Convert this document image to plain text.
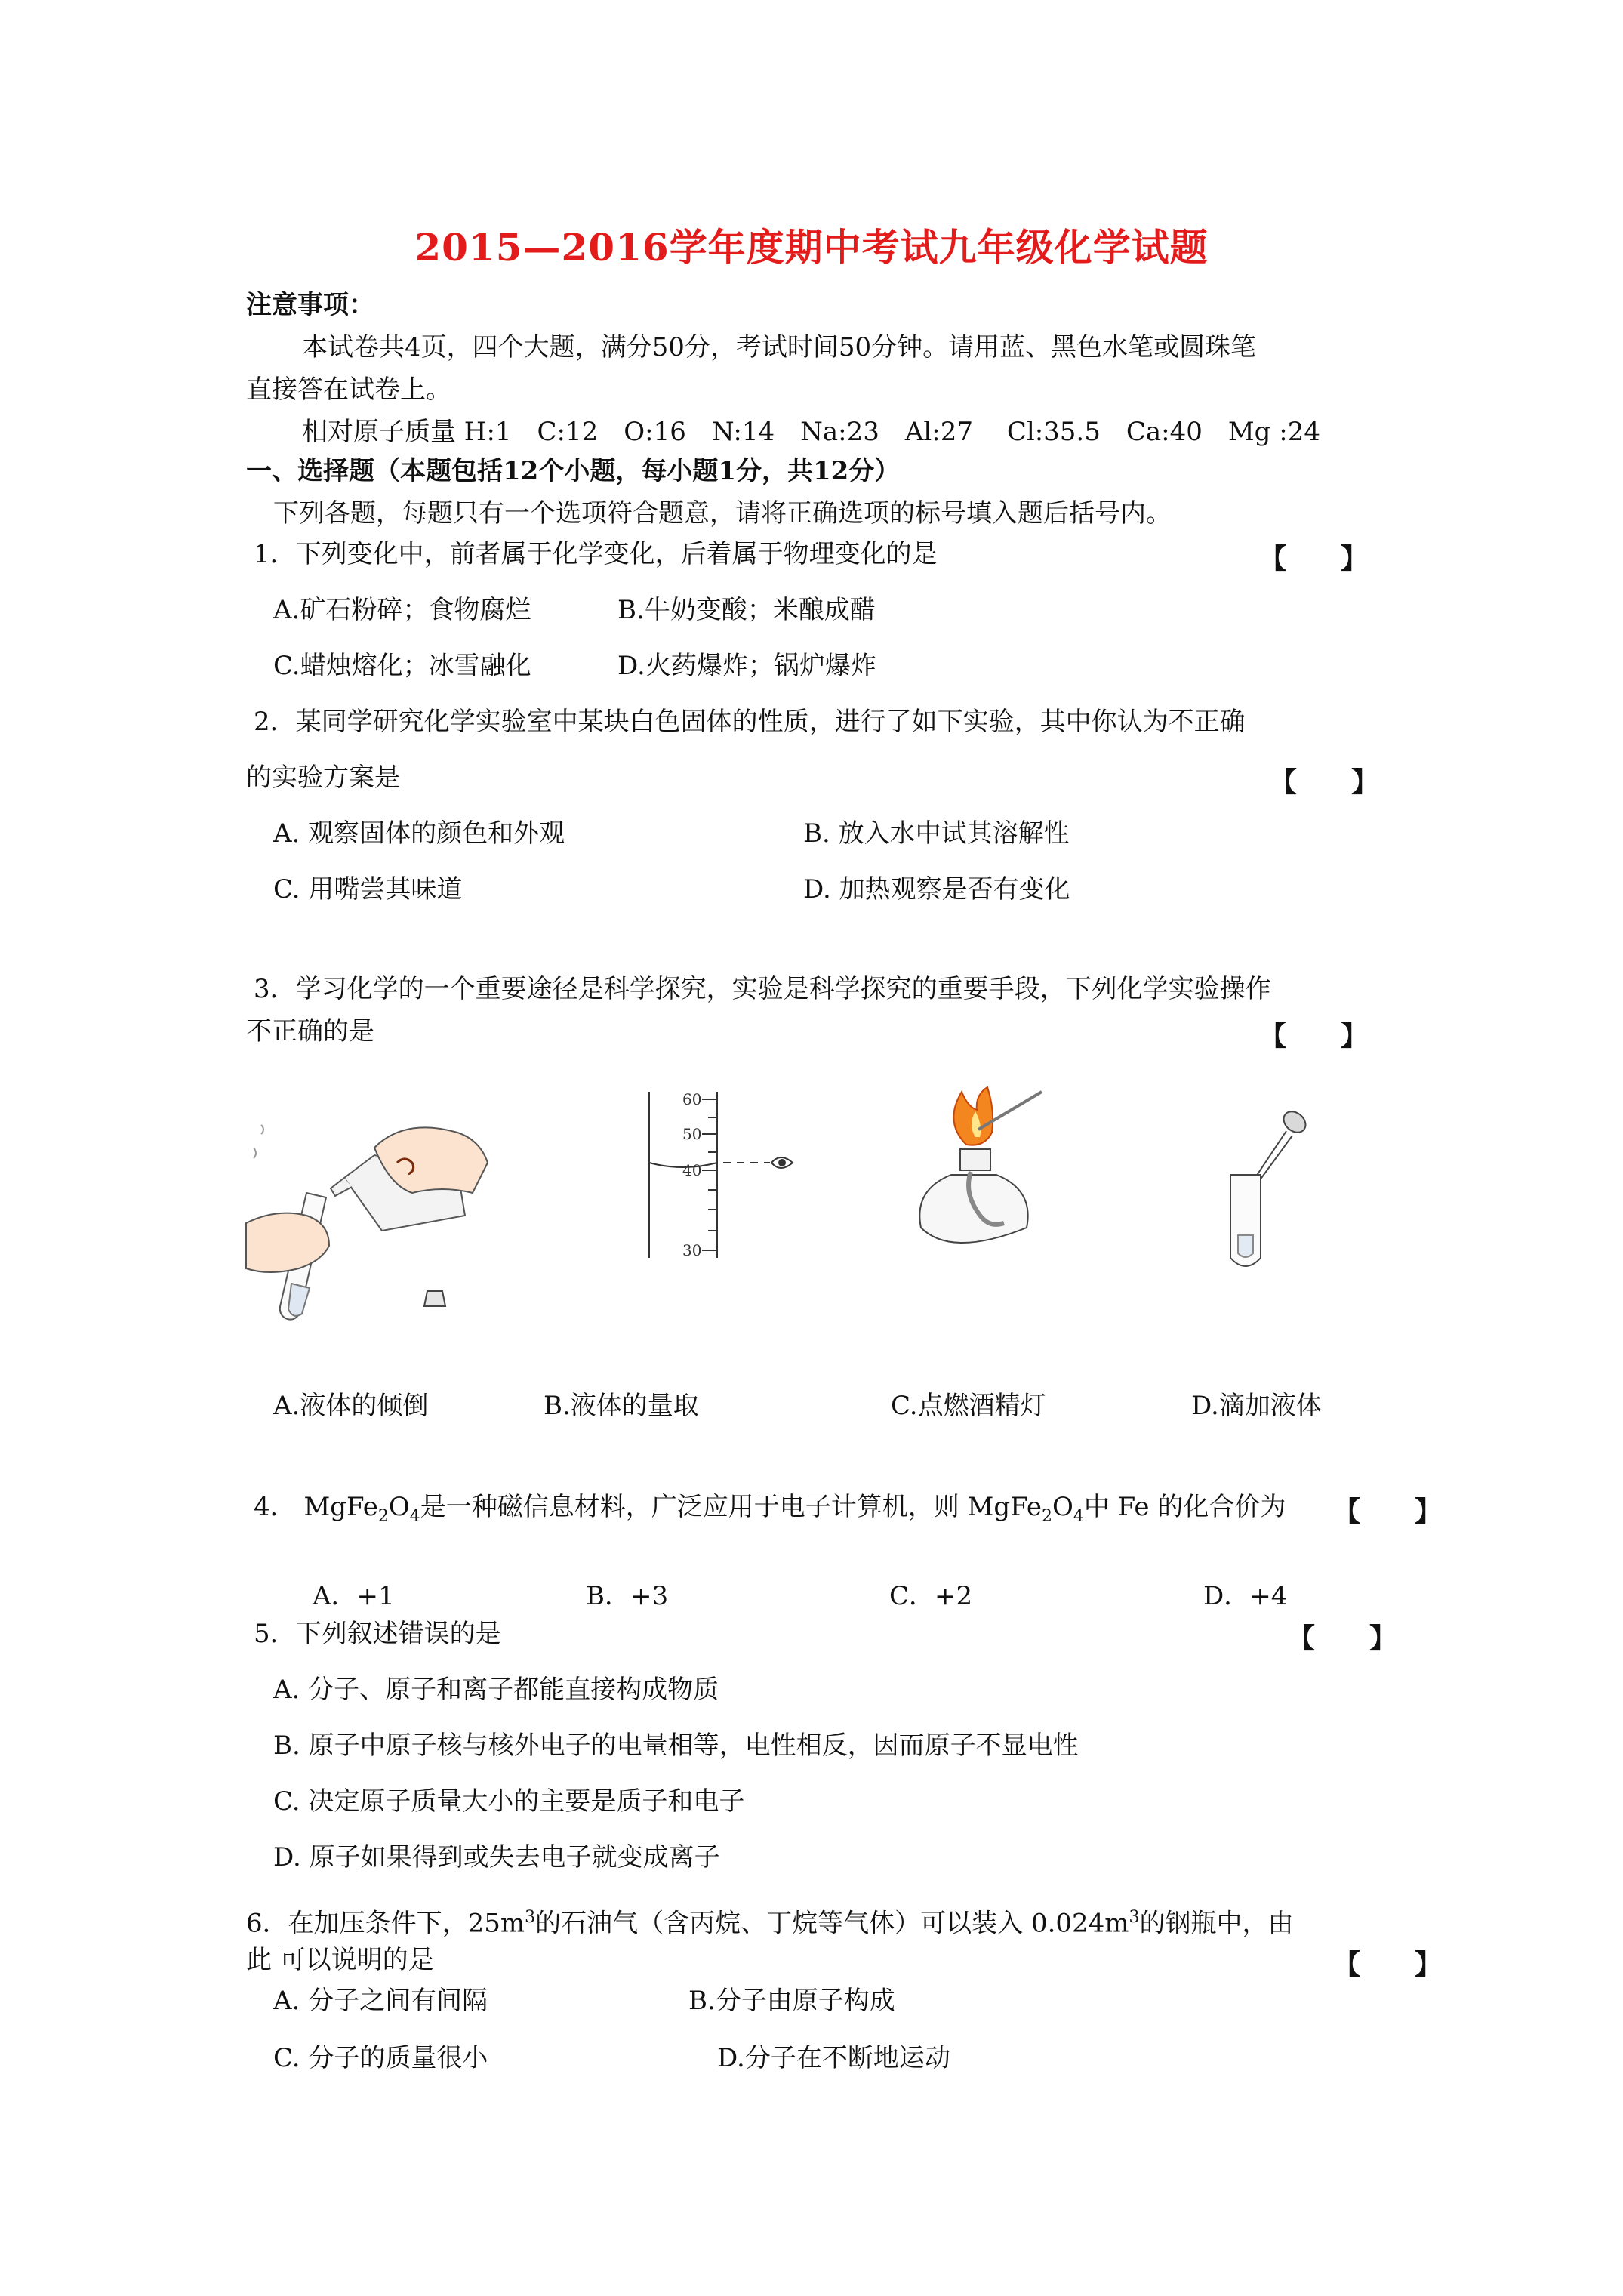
2015—2016学年度期中考试九年级化学试题
注意事项：
本试卷共4页，四个大题，满分50分，考试时间50分钟。请用蓝、黑色水笔或圆珠笔
直接答在试卷上。
相对原子质量 H:1　C:12　O:16　N:14　Na:23　Al:27　 Cl:35.5　Ca:40　Mg :24
一、选择题（本题包括12个小题，每小题1分，共12分）
下列各题，每题只有一个选项符合题意，请将正确选项的标号填入题后括号内。
1．下列变化中，前者属于化学变化，后着属于物理变化的是	【　　】
A.矿石粉碎；食物腐烂	B.牛奶变酸；米酿成醋
C.蜡烛熔化；冰雪融化	D.火药爆炸；锅炉爆炸
2．某同学研究化学实验室中某块白色固体的性质，进行了如下实验，其中你认为不正确
的实验方案是	【　　】
A. 观察固体的颜色和外观	B. 放入水中试其溶解性
C. 用嘴尝其味道	D. 加热观察是否有变化
3．学习化学的一个重要途径是科学探究，实验是科学探究的重要手段，下列化学实验操作
不正确的是	【　　】
60
50
40
30
A.液体的倾倒	B.液体的量取	C.点燃酒精灯	D.滴加液体
4． $MgFe_2O_4$是一种磁信息材料，广泛应用于电子计算机，则 $MgFe_2O_4$中 Fe 的化合价为 【　　】
A．+1	B．+3	C．+2	D．+4
5．下列叙述错误的是	【　　】
A. 分子、原子和离子都能直接构成物质
B. 原子中原子核与核外电子的电量相等，电性相反，因而原子不显电性
C. 决定原子质量大小的主要是质子和电子
D. 原子如果得到或失去电子就变成离子
6．在加压条件下，$25m^3$的石油气（含丙烷、丁烷等气体）可以装入 $0.024m^3$的钢瓶中，由
此 可以说明的是	【　　】
A. 分子之间有间隔	B.分子由原子构成
C. 分子的质量很小	D.分子在不断地运动
